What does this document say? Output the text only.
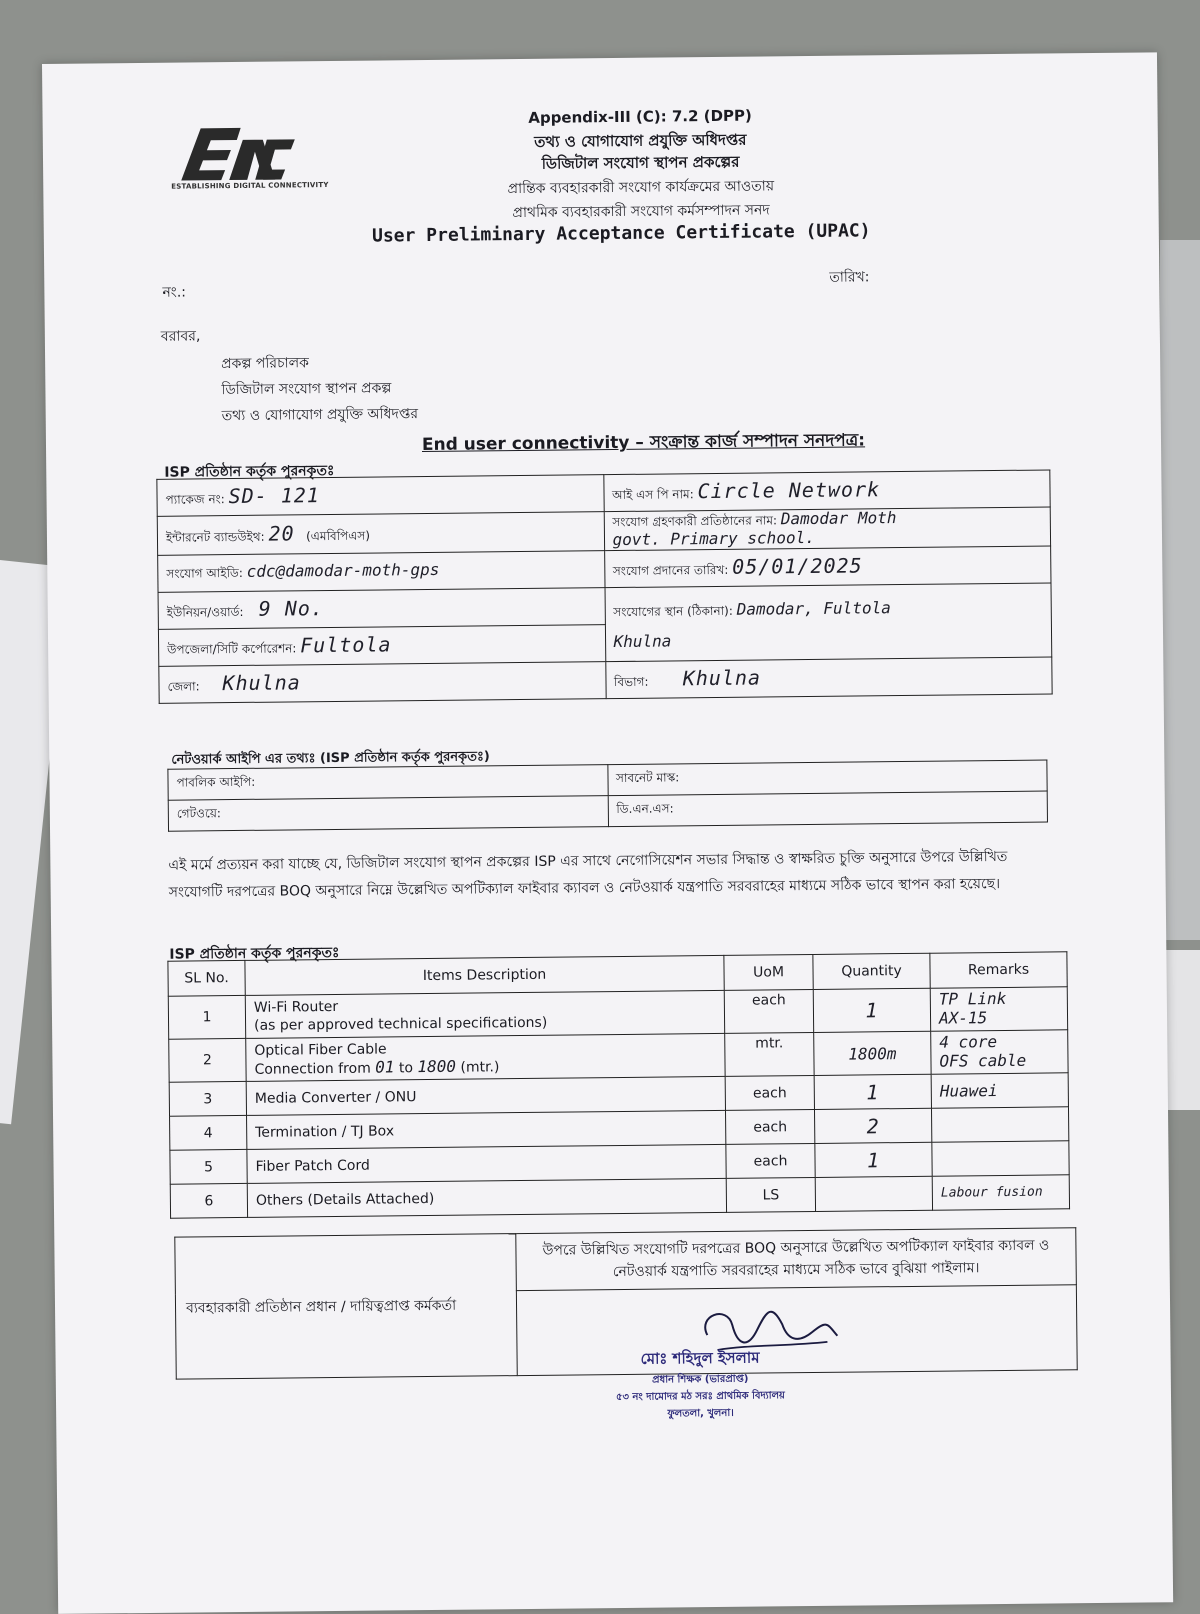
ESTABLISHING DIGITAL CONNECTIVITY
Appendix-III (C): 7.2 (DPP)
তথ্য ও যোগাযোগ প্রযুক্তি অধিদপ্তর
ডিজিটাল সংযোগ স্থাপন প্রকল্পের
প্রান্তিক ব্যবহারকারী সংযোগ কার্যক্রমের আওতায়
প্রাথমিক ব্যবহারকারী সংযোগ কর্মসম্পাদন সনদ
User Preliminary Acceptance Certificate (UPAC)
নং.:
তারিখ:
বরাবর,
প্রকল্প পরিচালক
ডিজিটাল সংযোগ স্থাপন প্রকল্প
তথ্য ও যোগাযোগ প্রযুক্তি অধিদপ্তর
End user connectivity – সংক্রান্ত কার্জ সম্পাদন সনদপত্র:
ISP প্রতিষ্ঠান কর্তৃক পুরনকৃতঃ
প্যাকেজ নং: SD- 121	আই এস পি নাম: Circle Network
ইন্টারনেট ব্যান্ডউইথ: 20 (এমবিপিএস)	সংযোগ গ্রহণকারী প্রতিষ্ঠানের নাম: Damodar Moth
govt. Primary school.
সংযোগ আইডি: cdc@damodar-moth-gps	সংযোগ প্রদানের তারিখ: 05/01/2025
ইউনিয়ন/ওয়ার্ড: 9 No.	সংযোগের স্থান (ঠিকানা): Damodar, Fultola
Khulna
উপজেলা/সিটি কর্পোরেশন: Fultola	
জেলা: Khulna	বিভাগ: Khulna
নেটওয়ার্ক আইপি এর তথ্যঃ (ISP প্রতিষ্ঠান কর্তৃক পুরনকৃতঃ)
পাবলিক আইপি:	সাবনেট মাস্ক:
গেটওয়ে:	ডি.এন.এস:
এই মর্মে প্রত্যয়ন করা যাচ্ছে যে, ডিজিটাল সংযোগ স্থাপন প্রকল্পের ISP এর সাথে নেগোসিয়েশন সভার সিদ্ধান্ত ও স্বাক্ষরিত চুক্তি অনুসারে উপরে উল্লিখিত সংযোগটি দরপত্রের BOQ অনুসারে নিম্নে উল্লেখিত অপটিক্যাল ফাইবার ক্যাবল ও নেটওয়ার্ক যন্ত্রপাতি সরবরাহের মাধ্যমে সঠিক ভাবে স্থাপন করা হয়েছে।
ISP প্রতিষ্ঠান কর্তৃক পুরনকৃতঃ
SL No.	Items Description	UoM	Quantity	Remarks
1	Wi-Fi Router
(as per approved technical specifications)	each	1	TP Link
AX-15
2	Optical Fiber Cable
Connection from 01 to 1800 (mtr.)	mtr.	1800m	4 core
OFS cable
3	Media Converter / ONU	each	1	Huawei
4	Termination / TJ Box	each	2	
5	Fiber Patch Cord	each	1	
6	Others (Details Attached)	LS		Labour fusion
ব্যবহারকারী প্রতিষ্ঠান প্রধান / দায়িত্বপ্রাপ্ত কর্মকর্তা	উপরে উল্লিখিত সংযোগটি দরপত্রের BOQ অনুসারে উল্লেখিত অপটিক্যাল ফাইবার ক্যাবল ও নেটওয়ার্ক যন্ত্রপাতি সরবরাহের মাধ্যমে সঠিক ভাবে বুঝিয়া পাইলাম।

মোঃ শহিদুল ইসলাম
প্রধান শিক্ষক (ভারপ্রাপ্ত)
৫৩ নং দামোদর মঠ সরঃ প্রাথমিক বিদ্যালয়
ফুলতলা, খুলনা।
